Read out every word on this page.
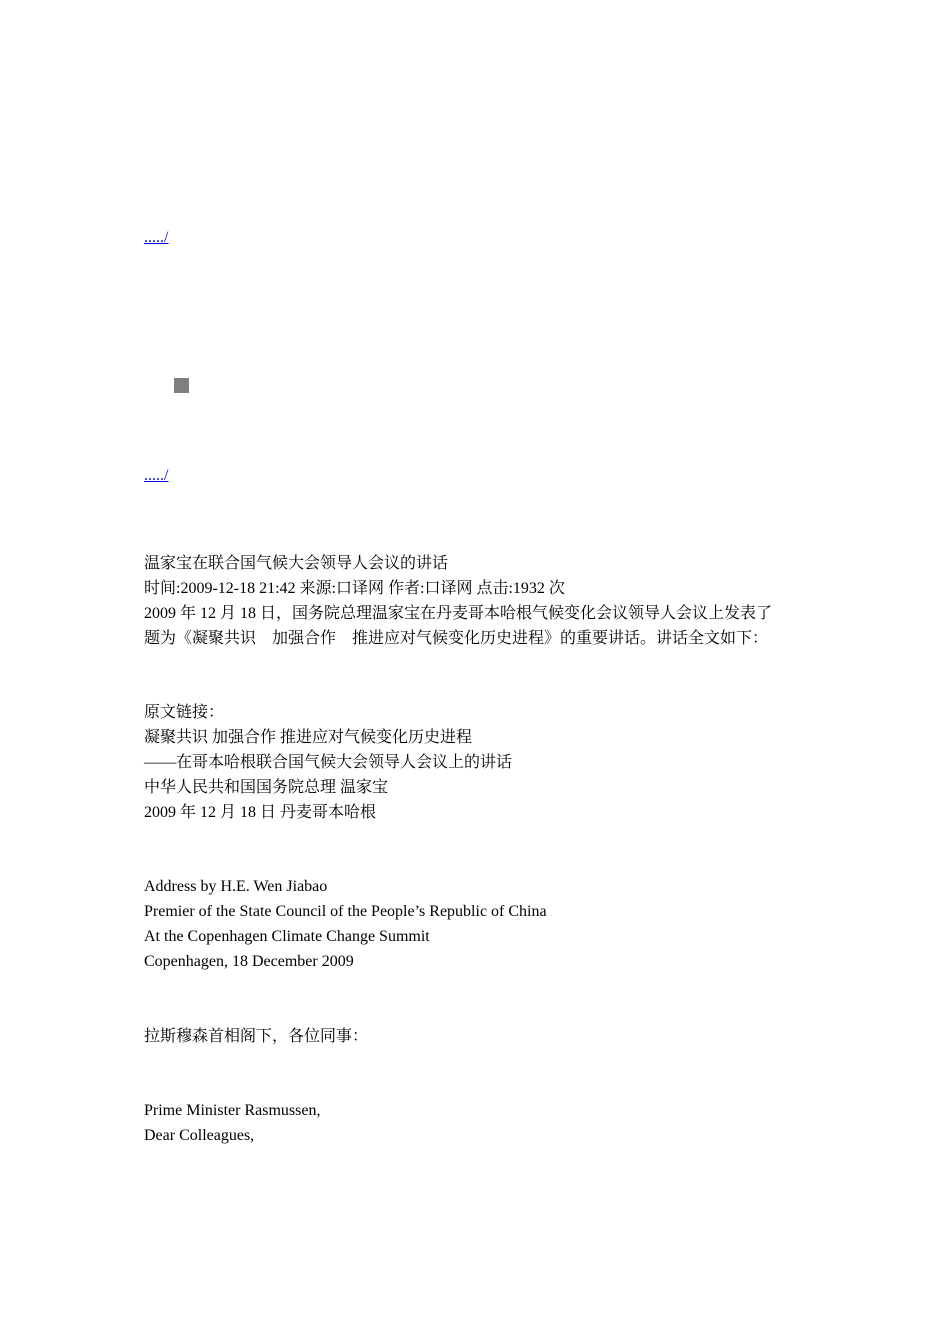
...../
...../
温家宝在联合国气候大会领导人会议的讲话
时间:2009-12-18 21:42 来源:口译网 作者:口译网 点击:1932 次
2009 年 12 月 18 日，国务院总理温家宝在丹麦哥本哈根气候变化会议领导人会议上发表了
题为《凝聚共识　加强合作　推进应对气候变化历史进程》的重要讲话。讲话全文如下：
原文链接：
凝聚共识 加强合作 推进应对气候变化历史进程
——在哥本哈根联合国气候大会领导人会议上的讲话
中华人民共和国国务院总理 温家宝
2009 年 12 月 18 日 丹麦哥本哈根
Address by H.E. Wen Jiabao
Premier of the State Council of the People’s Republic of China
At the Copenhagen Climate Change Summit
Copenhagen, 18 December 2009
拉斯穆森首相阁下，各位同事：
Prime Minister Rasmussen,
Dear Colleagues,
